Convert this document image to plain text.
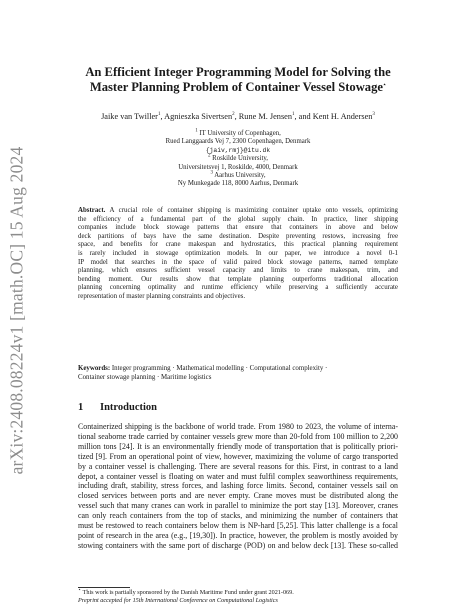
arXiv:2408.08224v1 [math.OC] 15 Aug 2024
An Efficient Integer Programming Model for Solving the
Master Planning Problem of Container Vessel Stowage⋆
Jaike van Twiller$^1$, Agnieszka Sivertsen$^2$, Rune M. Jensen$^1$, and Kent H. Andersen$^3$
$^1$ IT University of Copenhagen,
Rued Langgaards Vej 7, 2300 Copenhagen, Denmark
{jaiv,rmj}@itu.dk
$^2$ Roskilde University,
Universitetsvej 1, Roskilde, 4000, Denmark
$^3$ Aarhus University,
Ny Munkegade 118, 8000 Aarhus, Denmark
Abstract. A crucial role of container shipping is maximizing container uptake onto vessels, optimizing
the efficiency of a fundamental part of the global supply chain. In practice, liner shipping
companies include block stowage patterns that ensure that containers in above and below
deck partitions of bays have the same destination. Despite preventing restows, increasing free
space, and benefits for crane makespan and hydrostatics, this practical planning requirement
is rarely included in stowage optimization models. In our paper, we introduce a novel 0-1
IP model that searches in the space of valid paired block stowage patterns, named template
planning, which ensures sufficient vessel capacity and limits to crane makespan, trim, and
bending moment. Our results show that template planning outperforms traditional allocation
planning concerning optimality and runtime efficiency while preserving a sufficiently accurate
representation of master planning constraints and objectives.
Keywords: Integer programming · Mathematical modelling · Computational complexity ·
Container stowage planning · Maritime logistics
1 Introduction
Containerized shipping is the backbone of world trade. From 1980 to 2023, the volume of interna-
tional seaborne trade carried by container vessels grew more than 20-fold from 100 million to 2,200
million tons [24]. It is an environmentally friendly mode of transportation that is politically priori-
tized [9]. From an operational point of view, however, maximizing the volume of cargo transported
by a container vessel is challenging. There are several reasons for this. First, in contrast to a land
depot, a container vessel is floating on water and must fulfil complex seaworthiness requirements,
including draft, stability, stress forces, and lashing force limits. Second, container vessels sail on
closed services between ports and are never empty. Crane moves must be distributed along the
vessel such that many cranes can work in parallel to minimize the port stay [13]. Moreover, cranes
can only reach containers from the top of stacks, and minimizing the number of containers that
must be restowed to reach containers below them is NP-hard [5,25]. This latter challenge is a focal
point of research in the area (e.g., [19,30]). In practice, however, the problem is mostly avoided by
stowing containers with the same port of discharge (POD) on and below deck [13]. These so-called
⋆ This work is partially sponsored by the Danish Maritime Fund under grant 2021-069.
Preprint accepted for 15th International Conference on Computational Logistics
